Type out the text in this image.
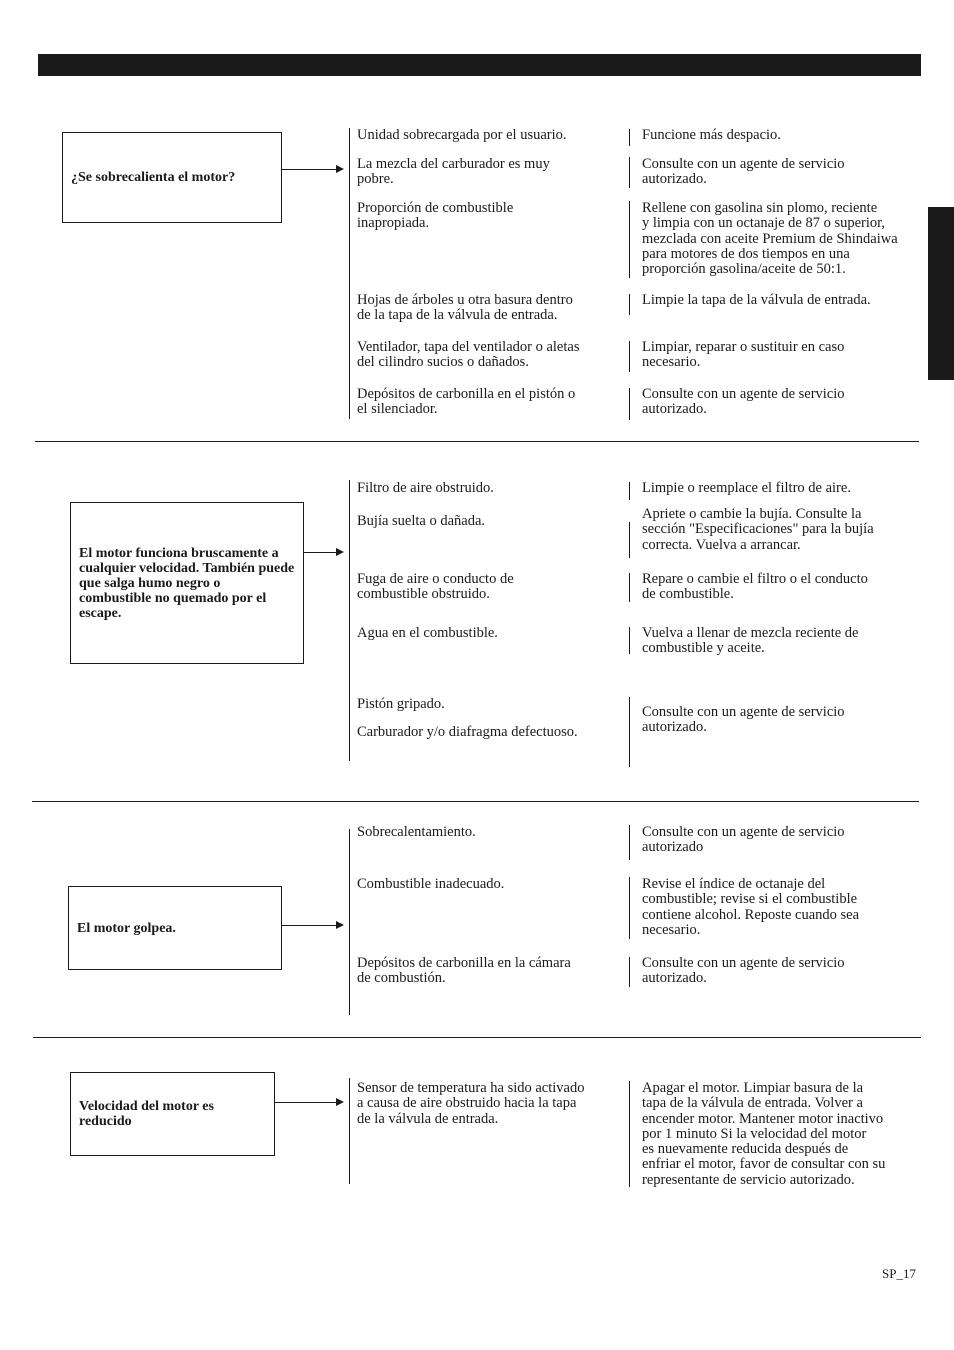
¿Se sobrecalienta el motor?
Unidad sobrecargada por el usuario.
La mezcla del carburador es muy
pobre.
Proporción de combustible
inapropiada.
Hojas de árboles u otra basura dentro
de la tapa de la válvula de entrada.
Ventilador, tapa del ventilador o aletas
del cilindro sucios o dañados.
Depósitos de carbonilla en el pistón o
el silenciador.
Funcione más despacio.
Consulte con un agente de servicio
autorizado.
Rellene con gasolina sin plomo, reciente
y limpia con un octanaje de 87 o superior,
mezclada con aceite Premium de Shindaiwa
para motores de dos tiempos en una
proporción gasolina/aceite de 50:1.
Limpie la tapa de la válvula de entrada.
Limpiar, reparar o sustituir en caso
necesario.
Consulte con un agente de servicio
autorizado.
El motor funciona bruscamente a cualquier velocidad. También puede que salga humo negro o combustible no quemado por el escape.
Filtro de aire obstruido.
Bujía suelta o dañada.
Fuga de aire o conducto de
combustible obstruido.
Agua en el combustible.
Pistón gripado.
Carburador y/o diafragma defectuoso.
Limpie o reemplace el filtro de aire.
Apriete o cambie la bujía. Consulte la
sección "Especificaciones" para la bujía
correcta. Vuelva a arrancar.
Repare o cambie el filtro o el conducto
de combustible.
Vuelva a llenar de mezcla reciente de
combustible y aceite.
Consulte con un agente de servicio
autorizado.
El motor golpea.
Sobrecalentamiento.
Combustible inadecuado.
Depósitos de carbonilla en la cámara
de combustión.
Consulte con un agente de servicio
autorizado
Revise el índice de octanaje del
combustible; revise si el combustible
contiene alcohol. Reposte cuando sea
necesario.
Consulte con un agente de servicio
autorizado.
Velocidad del motor es reducido
Sensor de temperatura ha sido activado
a causa de aire obstruido hacia la tapa
de la válvula de entrada.
Apagar el motor. Limpiar basura de la
tapa de la válvula de entrada. Volver a
encender motor. Mantener motor inactivo
por 1 minuto Si la velocidad del motor
es nuevamente reducida después de
enfriar el motor, favor de consultar con su
representante de servicio autorizado.
SP_17
